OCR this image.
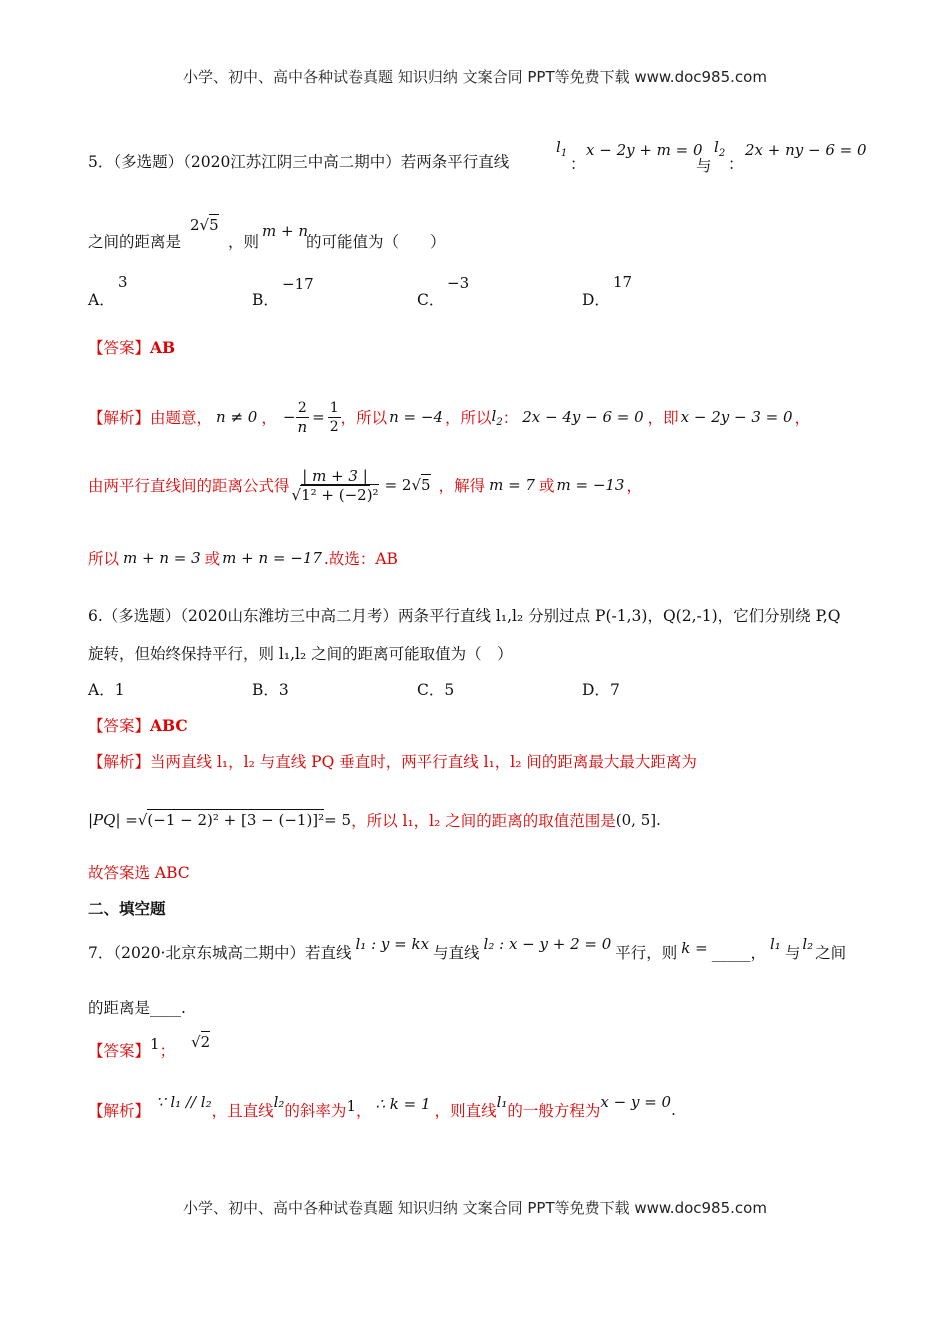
小学、初中、高中各种试卷真题 知识归纳 文案合同 PPT等免费下载 www.doc985.com
5．（多选题）（2020江苏江阴三中高二期中）若两条平行直线
$l_1$
：
x − 2y + m = 0
与
$l_2$
：
2x + ny − 6 = 0
之间的距离是
2√5
，则
m + n
的可能值为（　　）
A．
3
B．
−17
C．
−3
D．
17
【答案】AB
【解析】 由题意， n ≠ 0 ， − $\frac{2}{n} = \frac{1}{2}$ ，所以 n = −4 ，所以 $l_2$ ： 2x − 4y − 6 = 0 ，即 x − 2y − 3 = 0 ，
由两平行直线间的距离公式得 $\frac{| m + 3 |}{\text{√1² + (−2)²}} = 2√5$ ，解得 m = 7 或 m = −13 ，
所以 m + n = 3 或 m + n = −17 .故选：AB
6.（多选题）（2020山东潍坊三中高二月考）两条平行直线 l₁,l₂ 分别过点 P(-1,3)，Q(2,-1)，它们分别绕 P,Q
旋转，但始终保持平行，则 l₁,l₂ 之间的距离可能取值为（　）
A．1	B．3	C．5	D．7
【答案】ABC
【解析】当两直线 l₁，l₂ 与直线 PQ 垂直时，两平行直线 l₁，l₂ 间的距离最大最大距离为
|PQ| = √(−1 − 2)² + [3 − (−1)]² = 5 ，所以 l₁，l₂ 之间的距离的取值范围是 (0, 5] .
故答案选 ABC
二、填空题
7．（2020·北京东城高二期中）若直线 l₁ : y = kx 与直线 l₂ : x − y + 2 = 0 平行，则 k = _____， l₁ 与 l₂ 之间
的距离是____.
【答案】 1 ； √2
【解析】 ∵ l₁ // l₂ ，且直线 l₂ 的斜率为 1 ， ∴ k = 1 ，则直线 l₁ 的一般方程为 x − y = 0 .
小学、初中、高中各种试卷真题 知识归纳 文案合同 PPT等免费下载 www.doc985.com
